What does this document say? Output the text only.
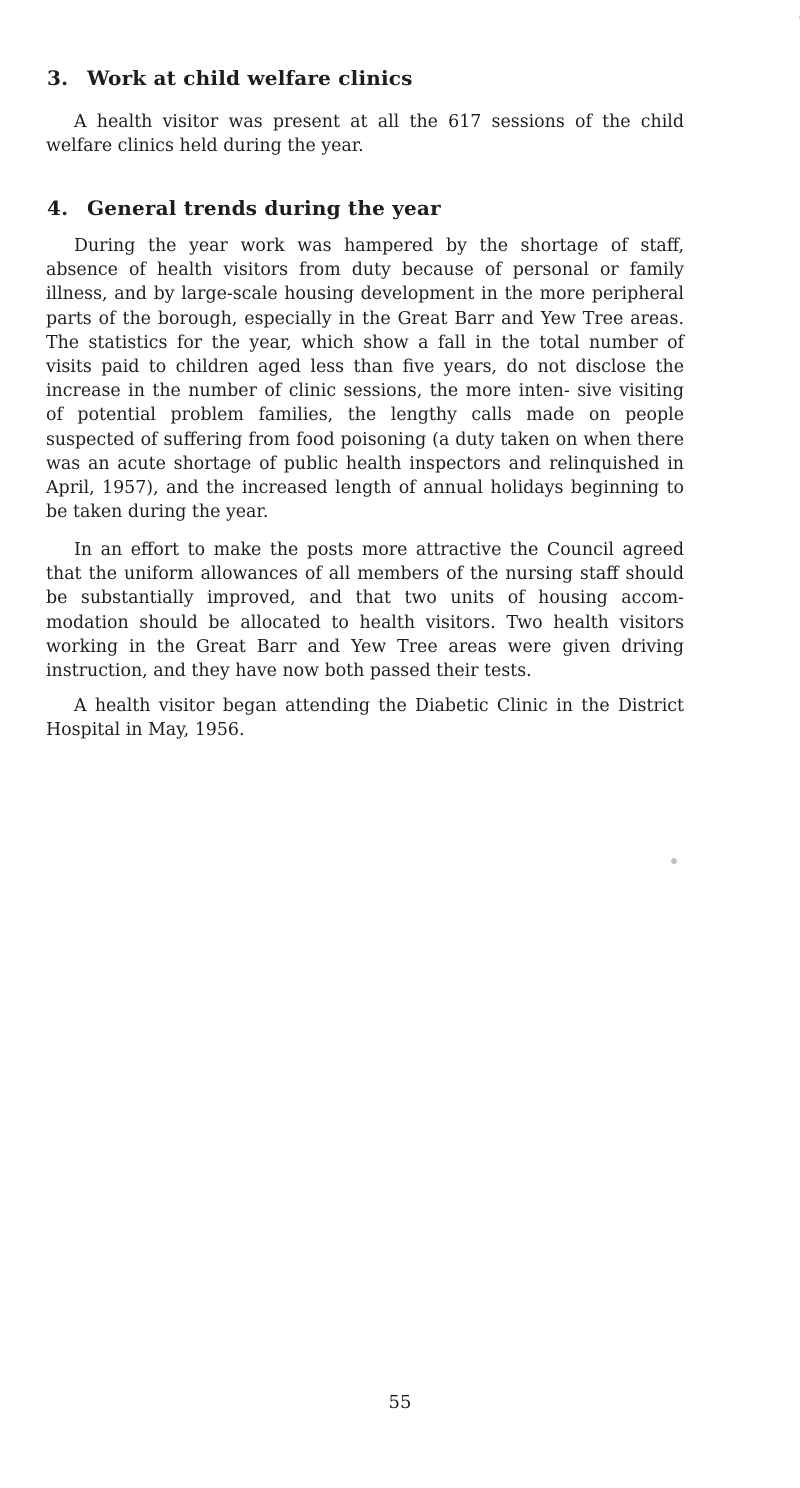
3. Work at child welfare clinics

A health visitor was present at all the 617 sessions of the child welfare clinics held during the year.

4. General trends during the year

During the year work was hampered by the shortage of staff, absence of health visitors from duty because of personal or family illness, and by large-scale housing development in the more peripheral parts of the borough, especially in the Great Barr and Yew Tree areas. The statistics for the year, which show a fall in the total number of visits paid to children aged less than five years, do not disclose the increase in the number of clinic sessions, the more inten- sive visiting of potential problem families, the lengthy calls made on people suspected of suffering from food poisoning (a duty taken on when there was an acute shortage of public health inspectors and relinquished in April, 1957), and the increased length of annual holidays beginning to be taken during the year.

In an effort to make the posts more attractive the Council agreed that the uniform allowances of all members of the nursing staff should be substantially improved, and that two units of housing accom- modation should be allocated to health visitors. Two health visitors working in the Great Barr and Yew Tree areas were given driving instruction, and they have now both passed their tests.

A health visitor began attending the Diabetic Clinic in the District Hospital in May, 1956.

55
